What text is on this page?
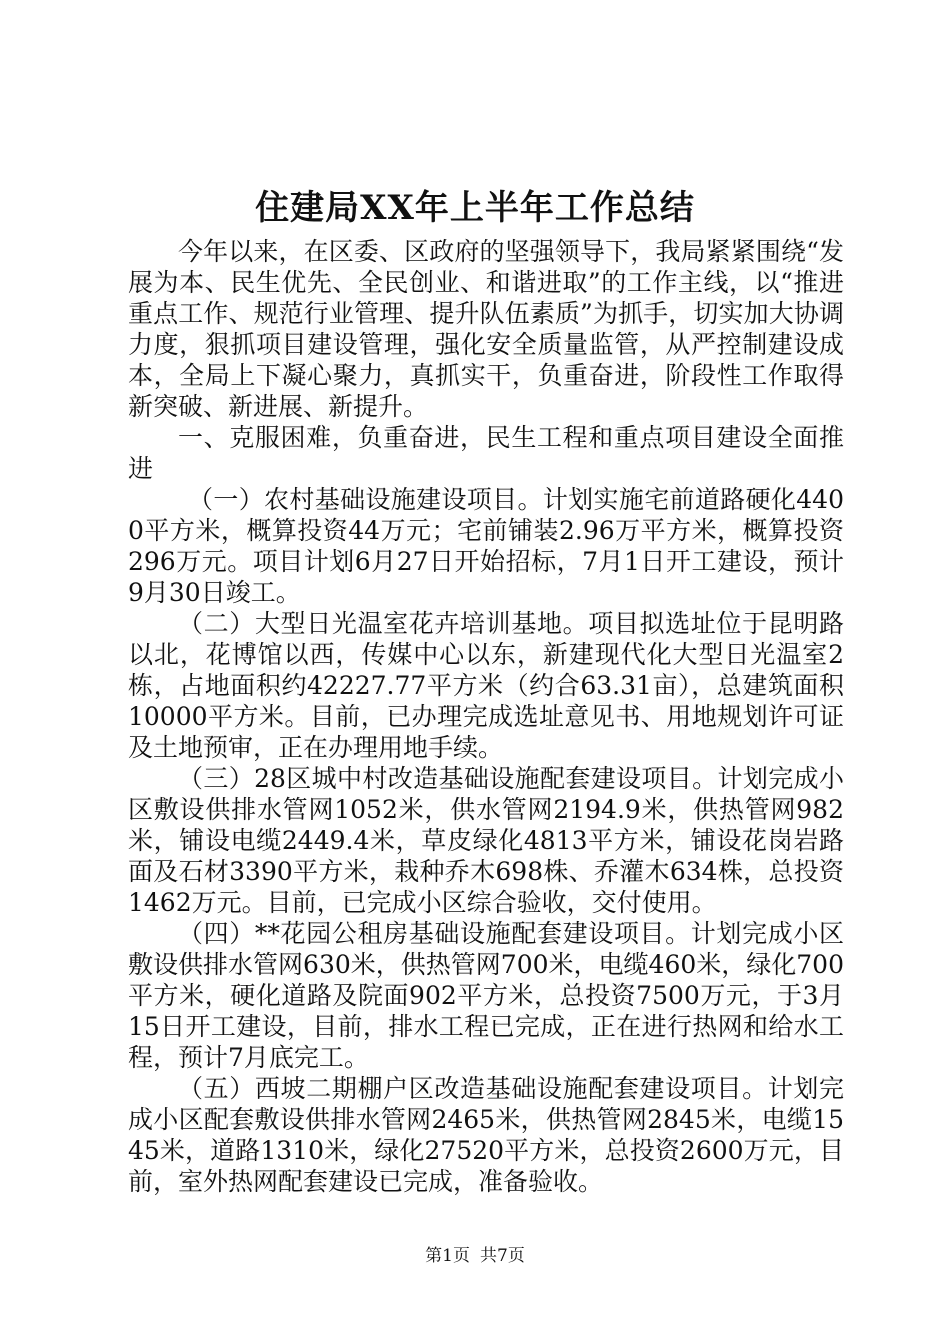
住建局XX年上半年工作总结

今年以来，在区委、区政府的坚强领导下，我局紧紧围绕“发展为本、民生优先、全民创业、和谐进取”的工作主线，以“推进重点工作、规范行业管理、提升队伍素质”为抓手，切实加大协调力度，狠抓项目建设管理，强化安全质量监管，从严控制建设成本，全局上下凝心聚力，真抓实干，负重奋进，阶段性工作取得新突破、新进展、新提升。

一、克服困难，负重奋进，民生工程和重点项目建设全面推进

（一）农村基础设施建设项目。计划实施宅前道路硬化4400平方米，概算投资44万元；宅前铺装2.96万平方米，概算投资296万元。项目计划6月27日开始招标，7月1日开工建设，预计9月30日竣工。

（二）大型日光温室花卉培训基地。项目拟选址位于昆明路以北，花博馆以西，传媒中心以东，新建现代化大型日光温室2栋，占地面积约42227.77平方米（约合63.31亩），总建筑面积10000平方米。目前，已办理完成选址意见书、用地规划许可证及土地预审，正在办理用地手续。

（三）28区城中村改造基础设施配套建设项目。计划完成小区敷设供排水管网1052米，供水管网2194.9米，供热管网982米，铺设电缆2449.4米，草皮绿化4813平方米，铺设花岗岩路面及石材3390平方米，栽种乔木698株、乔灌木634株，总投资1462万元。目前，已完成小区综合验收，交付使用。

（四）**花园公租房基础设施配套建设项目。计划完成小区敷设供排水管网630米，供热管网700米，电缆460米，绿化700平方米，硬化道路及院面902平方米，总投资7500万元，于3月15日开工建设，目前，排水工程已完成，正在进行热网和给水工程，预计7月底完工。

（五）西坡二期棚户区改造基础设施配套建设项目。计划完成小区配套敷设供排水管网2465米，供热管网2845米，电缆1545米，道路1310米，绿化27520平方米，总投资2600万元，目前，室外热网配套建设已完成，准备验收。

第1页 共7页
